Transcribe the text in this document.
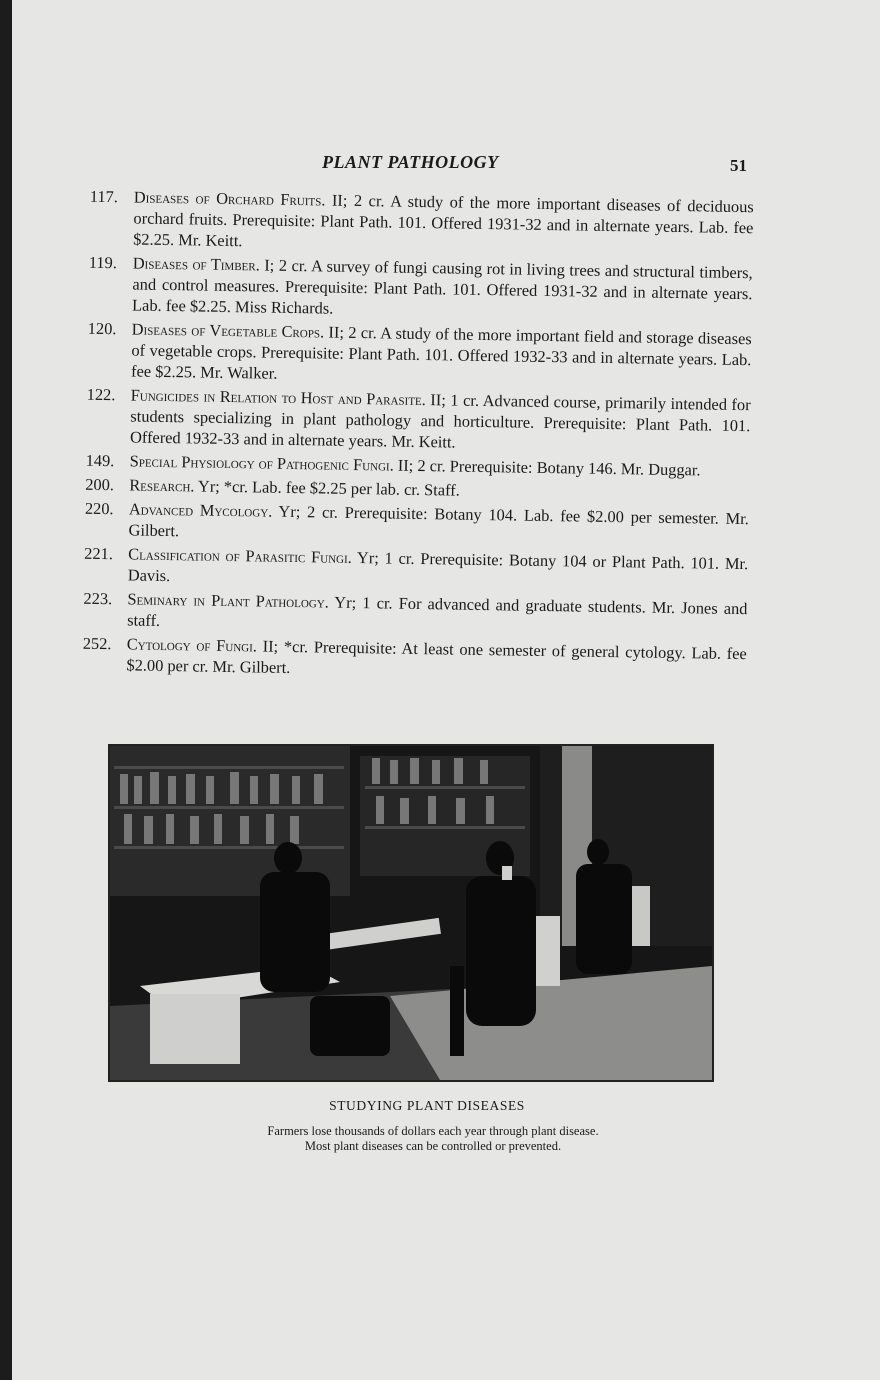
PLANT PATHOLOGY	51
117. Diseases of Orchard Fruits. II; 2 cr. A study of the more important diseases of deciduous orchard fruits. Prerequisite: Plant Path. 101. Offered 1931-32 and in alternate years. Lab. fee $2.25. Mr. Keitt.
119. Diseases of Timber. I; 2 cr. A survey of fungi causing rot in living trees and structural timbers, and control measures. Prerequisite: Plant Path. 101. Offered 1931-32 and in alternate years. Lab. fee $2.25. Miss Richards.
120. Diseases of Vegetable Crops. II; 2 cr. A study of the more important field and storage diseases of vegetable crops. Prerequisite: Plant Path. 101. Offered 1932-33 and in alternate years. Lab. fee $2.25. Mr. Walker.
122. Fungicides in Relation to Host and Parasite. II; 1 cr. Advanced course, primarily intended for students specializing in plant pathology and horticulture. Prerequisite: Plant Path. 101. Offered 1932-33 and in alternate years. Mr. Keitt.
149. Special Physiology of Pathogenic Fungi. II; 2 cr. Prerequisite: Botany 146. Mr. Duggar.
200. Research. Yr; *cr. Lab. fee $2.25 per lab. cr. Staff.
220. Advanced Mycology. Yr; 2 cr. Prerequisite: Botany 104. Lab. fee $2.00 per semester. Mr. Gilbert.
221. Classification of Parasitic Fungi. Yr; 1 cr. Prerequisite: Botany 104 or Plant Path. 101. Mr. Davis.
223. Seminary in Plant Pathology. Yr; 1 cr. For advanced and graduate students. Mr. Jones and staff.
252. Cytology of Fungi. II; *cr. Prerequisite: At least one semester of general cytology. Lab. fee $2.00 per cr. Mr. Gilbert.
STUDYING PLANT DISEASES
Farmers lose thousands of dollars each year through plant disease.
Most plant diseases can be controlled or prevented.
